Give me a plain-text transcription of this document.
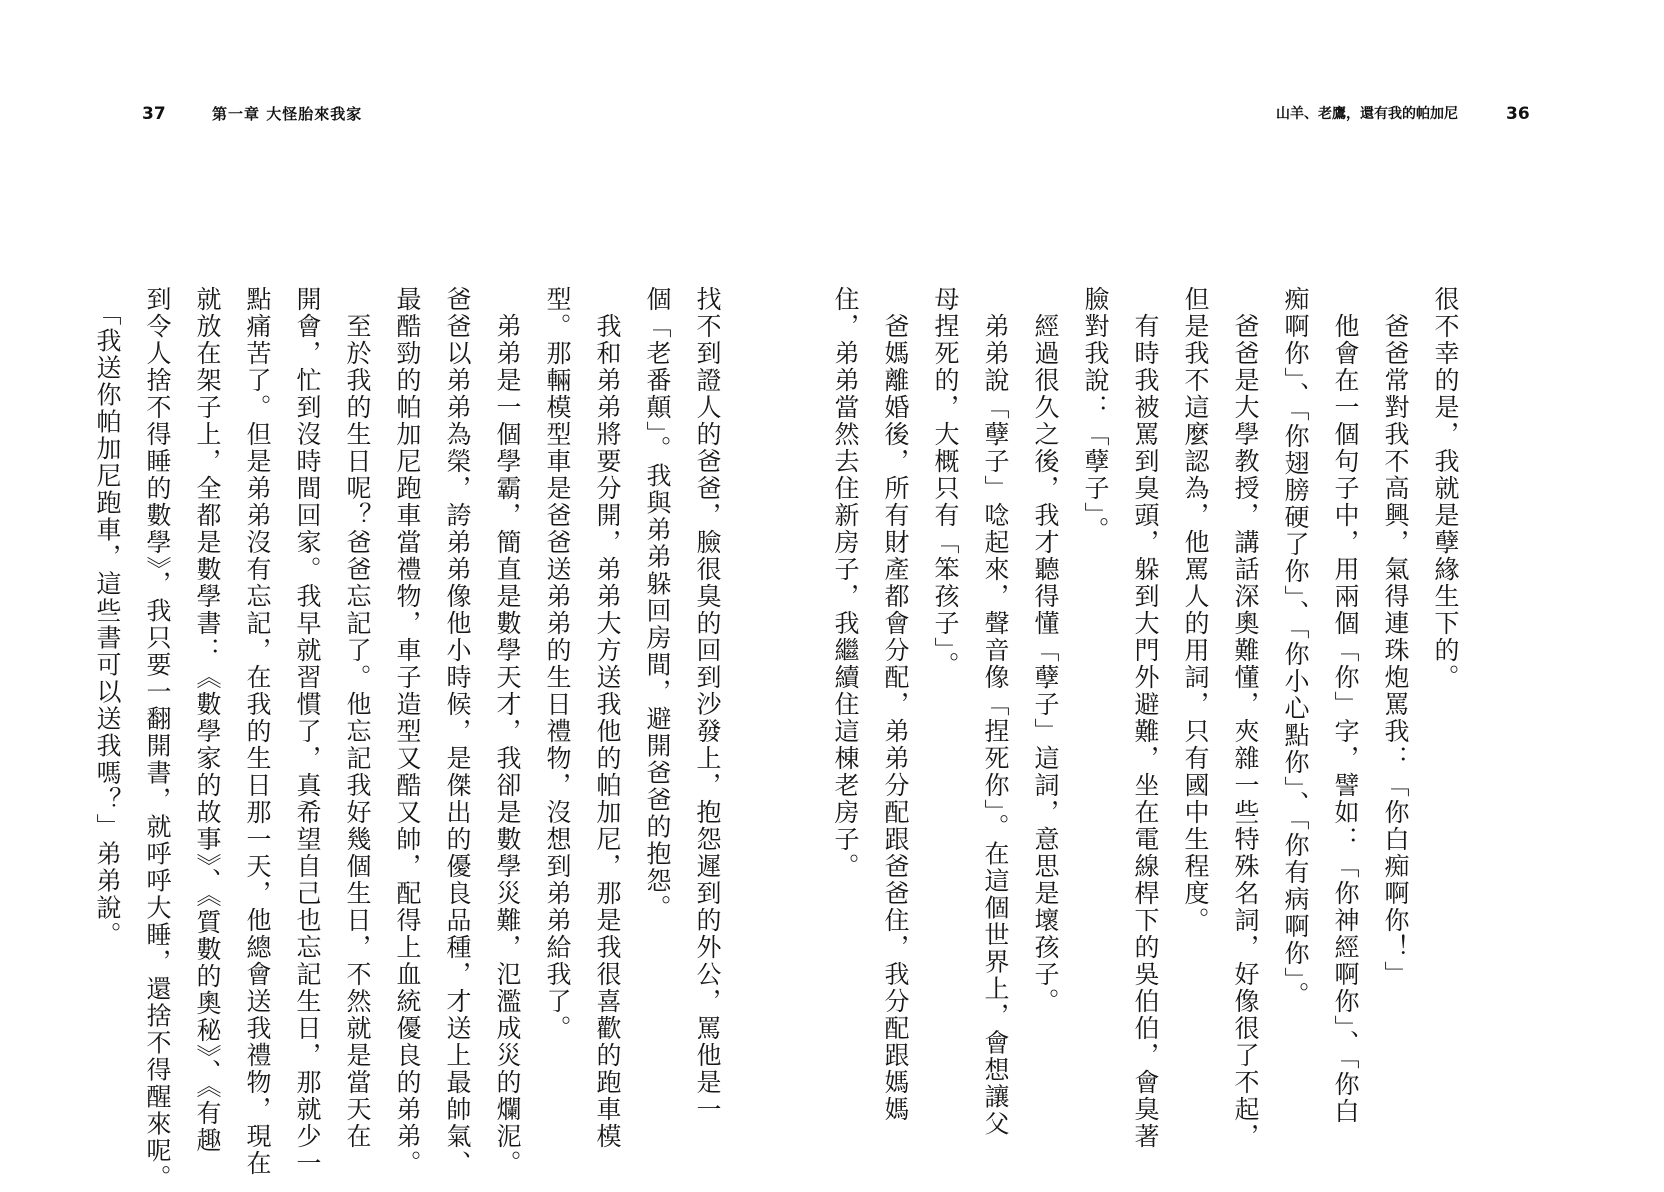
37	第一章 大怪胎來我家
找不到證人的爸爸，臉很臭的回到沙發上，抱怨遲到的外公，罵他是一
個「老番顛」。我與弟弟躲回房間，避開爸爸的抱怨。
　我和弟弟將要分開，弟弟大方送我他的帕加尼，那是我很喜歡的跑車模
型。那輛模型車是爸爸送弟弟的生日禮物，沒想到弟弟給我了。
　弟弟是一個學霸，簡直是數學天才，我卻是數學災難，氾濫成災的爛泥。
爸爸以弟弟為榮，誇弟弟像他小時候，是傑出的優良品種，才送上最帥氣、
最酷勁的帕加尼跑車當禮物，車子造型又酷又帥，配得上血統優良的弟弟。
　至於我的生日呢？爸爸忘記了。他忘記我好幾個生日，不然就是當天在
開會，忙到沒時間回家。我早就習慣了，真希望自己也忘記生日，那就少一
點痛苦了。但是弟弟沒有忘記，在我的生日那一天，他總會送我禮物，現在
就放在架子上，全都是數學書：《數學家的故事》、《質數的奧秘》、《有趣
到令人捨不得睡的數學》，我只要一翻開書，就呼呼大睡，還捨不得醒來呢。
　「我送你帕加尼跑車，這些書可以送我嗎？」弟弟說。
山羊、老鷹，還有我的帕加尼	36
很不幸的是，我就是孽緣生下的。
　爸爸常對我不高興，氣得連珠炮罵我：「你白痴啊你！」
　他會在一個句子中，用兩個「你」字，譬如：「你神經啊你」、「你白
痴啊你」、「你翅膀硬了你」、「你小心點你」、「你有病啊你」。
　爸爸是大學教授，講話深奧難懂，夾雜一些特殊名詞，好像很了不起，
但是我不這麼認為，他罵人的用詞，只有國中生程度。
　有時我被罵到臭頭，躲到大門外避難，坐在電線桿下的吳伯伯，會臭著
臉對我說：「孽子」。
　經過很久之後，我才聽得懂「孽子」這詞，意思是壞孩子。
　弟弟說「孽子」唸起來，聲音像「捏死你」。在這個世界上，會想讓父
母捏死的，大概只有「笨孩子」。
　爸媽離婚後，所有財產都會分配，弟弟分配跟爸爸住，我分配跟媽媽
住，弟弟當然去住新房子，我繼續住這棟老房子。
